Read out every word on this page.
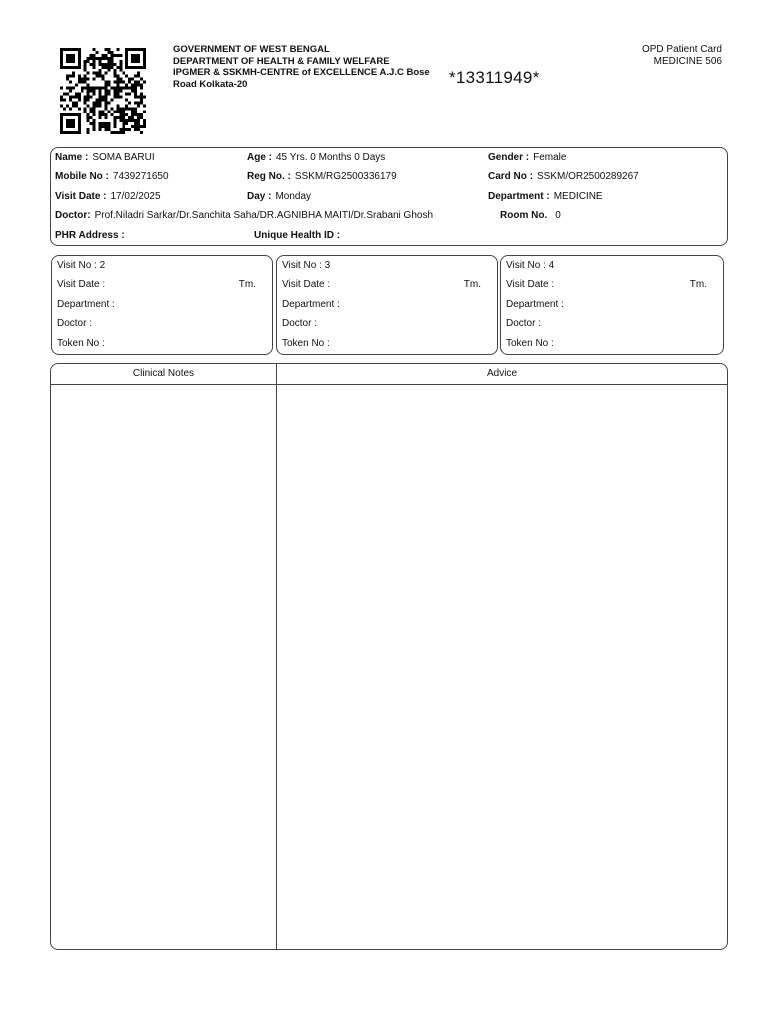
GOVERNMENT OF WEST BENGAL
DEPARTMENT OF HEALTH & FAMILY WELFARE
IPGMER & SSKMH-CENTRE of EXCELLENCE A.J.C Bose
Road Kolkata-20	*13311949*
OPD Patient Card
MEDICINE 506
Name : SOMA BARUI	Age : 45 Yrs. 0 Months 0 Days	Gender : Female
Mobile No : 7439271650	Reg No. : SSKM/RG2500336179	Card No : SSKM/OR2500289267
Visit Date : 17/02/2025	Day : Monday	Department : MEDICINE
Doctor: Prof.Niladri Sarkar/Dr.Sanchita Saha/DR.AGNIBHA MAITI/Dr.Srabani Ghosh	Room No. 0
PHR Address :	Unique Health ID :
Visit No : 2
Visit Date :	Tm.
Department :
Doctor :
Token No :
Visit No : 3
Visit Date :	Tm.
Department :
Doctor :
Token No :
Visit No : 4
Visit Date :	Tm.
Department :
Doctor :
Token No :
Clinical Notes	Advice
